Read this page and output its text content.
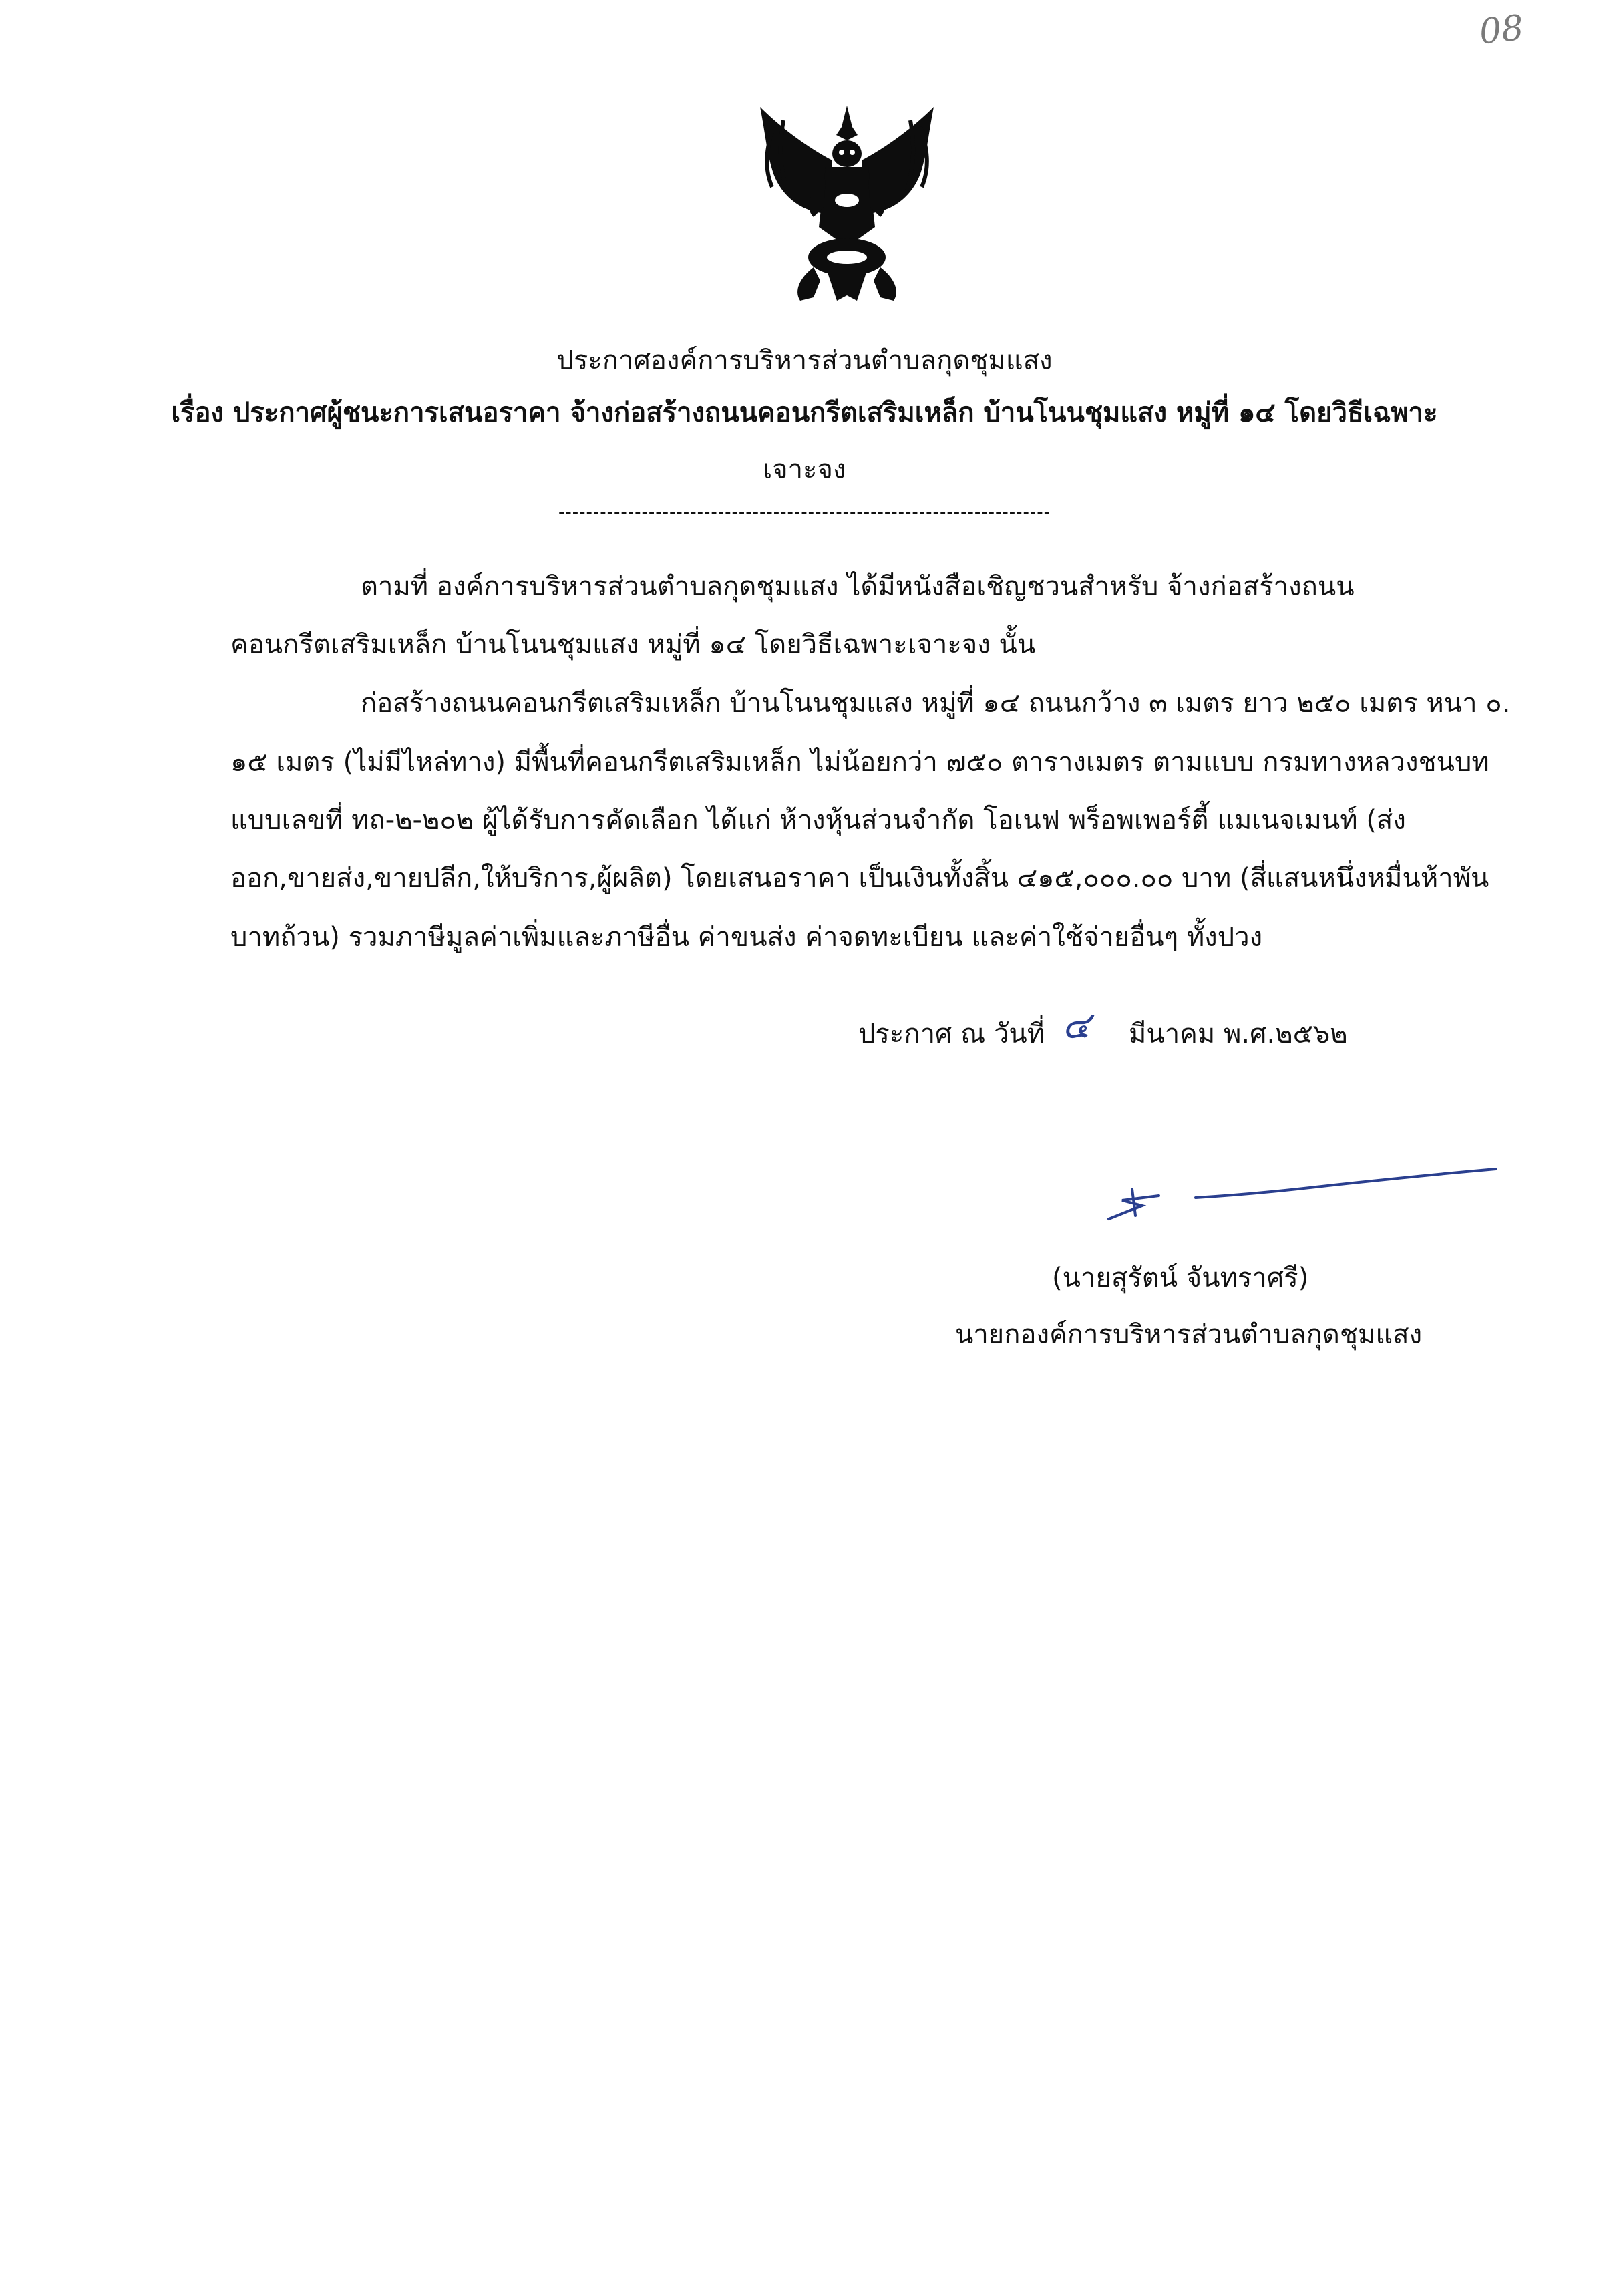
08
ประกาศองค์การบริหารส่วนตำบลกุดชุมแสง
เรื่อง ประกาศผู้ชนะการเสนอราคา จ้างก่อสร้างถนนคอนกรีตเสริมเหล็ก บ้านโนนชุมแสง หมู่ที่ ๑๔ โดยวิธีเฉพาะ
เจาะจง
-----------------------------------------------------------------------
ตามที่ องค์การบริหารส่วนตำบลกุดชุมแสง ได้มีหนังสือเชิญชวนสำหรับ จ้างก่อสร้างถนน
คอนกรีตเสริมเหล็ก บ้านโนนชุมแสง หมู่ที่ ๑๔ โดยวิธีเฉพาะเจาะจง นั้น
ก่อสร้างถนนคอนกรีตเสริมเหล็ก บ้านโนนชุมแสง หมู่ที่ ๑๔ ถนนกว้าง ๓ เมตร ยาว ๒๕๐ เมตร หนา ๐.
๑๕ เมตร (ไม่มีไหล่ทาง) มีพื้นที่คอนกรีตเสริมเหล็ก ไม่น้อยกว่า ๗๕๐ ตารางเมตร ตามแบบ กรมทางหลวงชนบท
แบบเลขที่ ทถ-๒-๒๐๒ ผู้ได้รับการคัดเลือก ได้แก่ ห้างหุ้นส่วนจำกัด โอเนฟ พร็อพเพอร์ตี้ แมเนจเมนท์ (ส่ง
ออก,ขายส่ง,ขายปลีก,ให้บริการ,ผู้ผลิต) โดยเสนอราคา เป็นเงินทั้งสิ้น ๔๑๕,๐๐๐.๐๐ บาท (สี่แสนหนึ่งหมื่นห้าพัน
บาทถ้วน) รวมภาษีมูลค่าเพิ่มและภาษีอื่น ค่าขนส่ง ค่าจดทะเบียน และค่าใช้จ่ายอื่นๆ ทั้งปวง
ประกาศ ณ วันที่ ๔ มีนาคม พ.ศ.๒๕๖๒
(นายสุรัตน์ จันทราศรี)
นายกองค์การบริหารส่วนตำบลกุดชุมแสง
